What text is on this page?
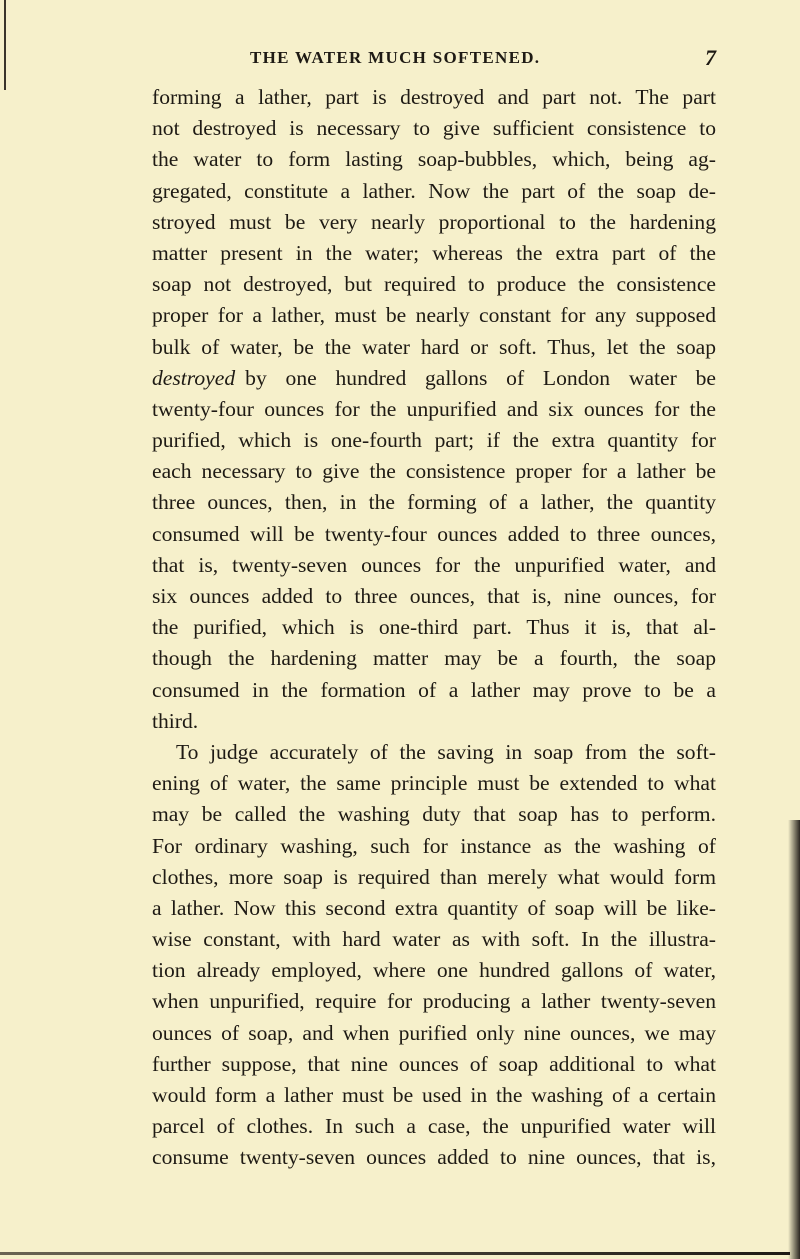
THE WATER MUCH SOFTENED.	7
forming a lather, part is destroyed and part not. The part
not destroyed is necessary to give sufficient consistence to
the water to form lasting soap-bubbles, which, being ag-
gregated, constitute a lather. Now the part of the soap de-
stroyed must be very nearly proportional to the hardening
matter present in the water; whereas the extra part of the
soap not destroyed, but required to produce the consistence
proper for a lather, must be nearly constant for any supposed
bulk of water, be the water hard or soft. Thus, let the soap
destroyed by one hundred gallons of London water be
twenty-four ounces for the unpurified and six ounces for the
purified, which is one-fourth part; if the extra quantity for
each necessary to give the consistence proper for a lather be
three ounces, then, in the forming of a lather, the quantity
consumed will be twenty-four ounces added to three ounces,
that is, twenty-seven ounces for the unpurified water, and
six ounces added to three ounces, that is, nine ounces, for
the purified, which is one-third part. Thus it is, that al-
though the hardening matter may be a fourth, the soap
consumed in the formation of a lather may prove to be a
third.
To judge accurately of the saving in soap from the soft-
ening of water, the same principle must be extended to what
may be called the washing duty that soap has to perform.
For ordinary washing, such for instance as the washing of
clothes, more soap is required than merely what would form
a lather. Now this second extra quantity of soap will be like-
wise constant, with hard water as with soft. In the illustra-
tion already employed, where one hundred gallons of water,
when unpurified, require for producing a lather twenty-seven
ounces of soap, and when purified only nine ounces, we may
further suppose, that nine ounces of soap additional to what
would form a lather must be used in the washing of a certain
parcel of clothes. In such a case, the unpurified water will
consume twenty-seven ounces added to nine ounces, that is,
